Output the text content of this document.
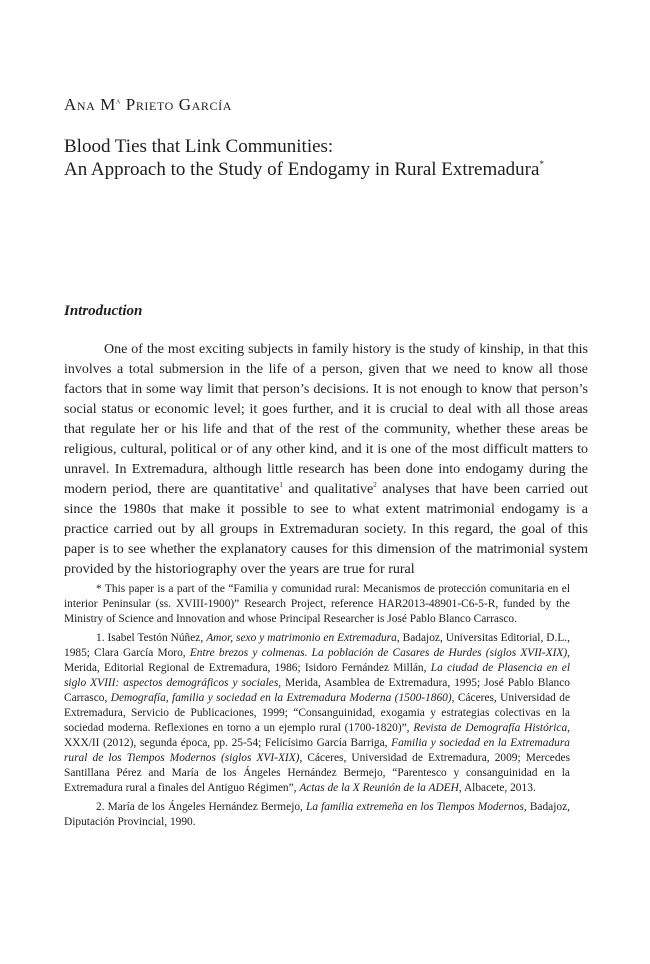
Ana $M^a$ Prieto García

Blood Ties that Link Communities:
An Approach to the Study of Endogamy in Rural Extremadura*
Introduction

One of the most exciting subjects in family history is the study of kinship, in that this involves a total submersion in the life of a person, given that we need to know all those factors that in some way limit that person’s decisions. It is not enough to know that person’s social status or economic level; it goes further, and it is crucial to deal with all those areas that regulate her or his life and that of the rest of the community, whether these areas be religious, cultural, political or of any other kind, and it is one of the most difficult matters to unravel. In Extremadura, although little research has been done into endogamy during the modern period, there are quantitative$^1$ and qualitative$^2$ analyses that have been carried out since the 1980s that make it possible to see to what extent matrimonial endogamy is a practice carried out by all groups in Extremaduran society. In this regard, the goal of this paper is to see whether the explanatory causes for this dimension of the matrimonial system provided by the historiography over the years are true for rural

* This paper is a part of the “Familia y comunidad rural: Mecanismos de protección comunitaria en el interior Peninsular (ss. XVIII-1900)” Research Project, reference HAR2013-48901-C6-5-R, funded by the Ministry of Science and Innovation and whose Principal Researcher is José Pablo Blanco Carrasco.

1. Isabel Testón Núñez, Amor, sexo y matrimonio en Extremadura, Badajoz, Universitas Editorial, D.L., 1985; Clara García Moro, Entre brezos y colmenas. La población de Casares de Hurdes (siglos XVII-XIX), Merida, Editorial Regional de Extremadura, 1986; Isidoro Fernández Millán, La ciudad de Plasencia en el siglo XVIII: aspectos demográficos y sociales, Merida, Asamblea de Extremadura, 1995; José Pablo Blanco Carrasco, Demografía, familia y sociedad en la Extremadura Moderna (1500-1860), Cáceres, Universidad de Extremadura, Servicio de Publicaciones, 1999; “Consanguinidad, exogamia y estrategias colectivas en la sociedad moderna. Reflexiones en torno a un ejemplo rural (1700-1820)”, Revista de Demografía Histórica, XXX/II (2012), segunda época, pp. 25-54; Felicísimo García Barriga, Familia y sociedad en la Extremadura rural de los Tiempos Modernos (siglos XVI-XIX), Cáceres, Universidad de Extremadura, 2009; Mercedes Santillana Pérez and María de los Ángeles Hernández Bermejo, “Parentesco y consanguinidad en la Extremadura rural a finales del Antiguo Régimen”, Actas de la X Reunión de la ADEH, Albacete, 2013.

2. María de los Ángeles Hernández Bermejo, La familia extremeña en los Tiempos Modernos, Badajoz, Diputación Provincial, 1990.
